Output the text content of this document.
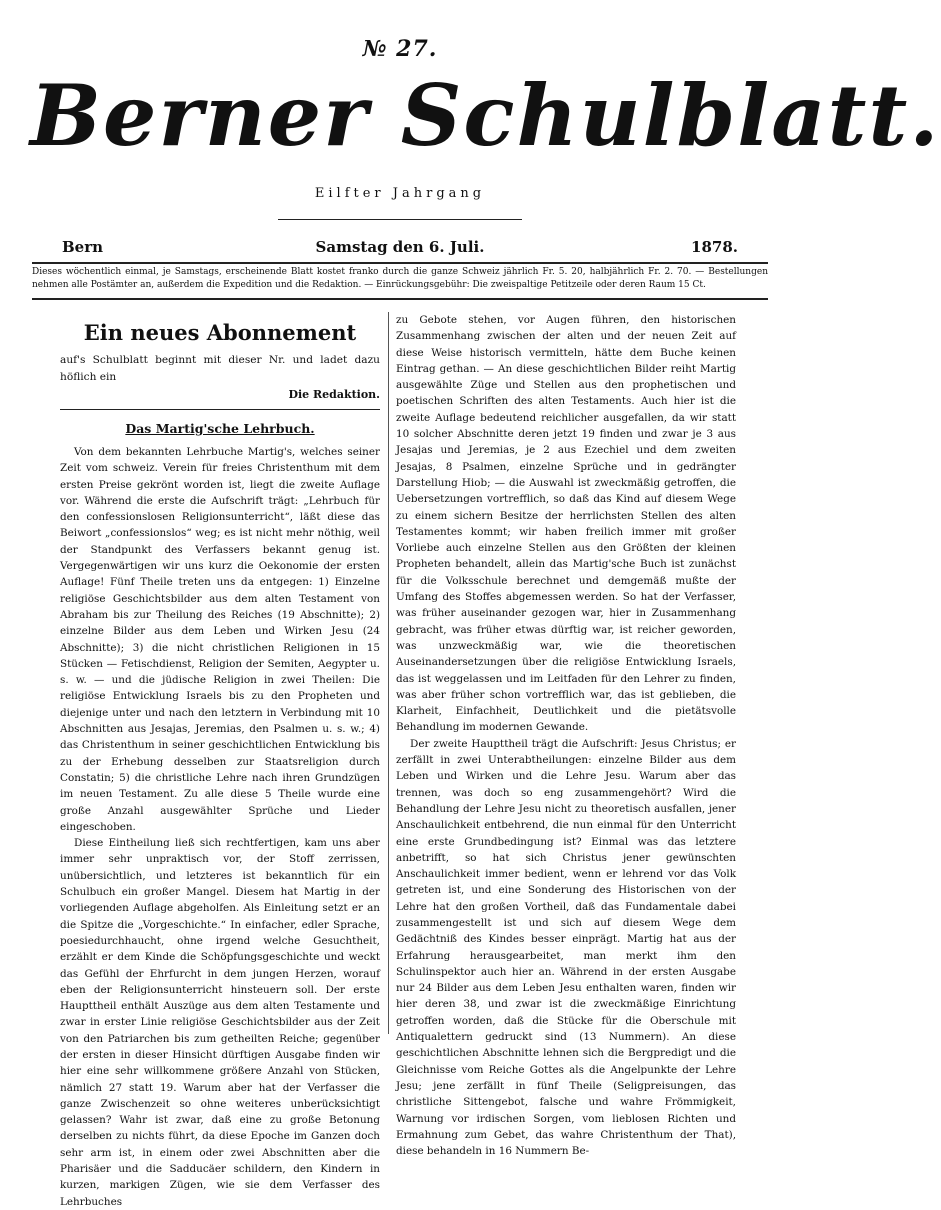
№ 27.
Berner Schulblatt.
Eilfter Jahrgang
Bern	Samstag den 6. Juli.	1878.
Dieses wöchentlich einmal, je Samstags, erscheinende Blatt kostet franko durch die ganze Schweiz jährlich Fr. 5. 20, halbjährlich Fr. 2. 70. — Bestellungen nehmen alle Postämter an, außerdem die Expedition und die Redaktion. — Einrückungsgebühr: Die zweispaltige Petitzeile oder deren Raum 15 Ct.
Ein neues Abonnement

auf's Schulblatt beginnt mit dieser Nr. und ladet dazu höflich ein

Die Redaktion.
Das Martig'sche Lehrbuch.

Von dem bekannten Lehrbuche Martig's, welches seiner Zeit vom schweiz. Verein für freies Christenthum mit dem ersten Preise gekrönt worden ist, liegt die zweite Auflage vor. Während die erste die Aufschrift trägt: „Lehrbuch für den confessionslosen Religionsunterricht“, läßt diese das Beiwort „confessionslos“ weg; es ist nicht mehr nöthig, weil der Standpunkt des Verfassers bekannt genug ist. Vergegenwärtigen wir uns kurz die Oekonomie der ersten Auflage! Fünf Theile treten uns da entgegen: 1) Einzelne religiöse Geschichtsbilder aus dem alten Testament von Abraham bis zur Theilung des Reiches (19 Abschnitte); 2) einzelne Bilder aus dem Leben und Wirken Jesu (24 Abschnitte); 3) die nicht christlichen Religionen in 15 Stücken — Fetischdienst, Religion der Semiten, Aegypter u. s. w. — und die jüdische Religion in zwei Theilen: Die religiöse Entwicklung Israels bis zu den Propheten und diejenige unter und nach den letztern in Verbindung mit 10 Abschnitten aus Jesajas, Jeremias, den Psalmen u. s. w.; 4) das Christenthum in seiner geschichtlichen Entwicklung bis zu der Erhebung desselben zur Staatsreligion durch Constatin; 5) die christliche Lehre nach ihren Grundzügen im neuen Testament. Zu alle diese 5 Theile wurde eine große Anzahl ausgewählter Sprüche und Lieder eingeschoben.

Diese Eintheilung ließ sich rechtfertigen, kam uns aber immer sehr unpraktisch vor, der Stoff zerrissen, unübersichtlich, und letzteres ist bekanntlich für ein Schulbuch ein großer Mangel. Diesem hat Martig in der vorliegenden Auflage abgeholfen. Als Einleitung setzt er an die Spitze die „Vorgeschichte.“ In einfacher, edler Sprache, poesiedurchhaucht, ohne irgend welche Gesuchtheit, erzählt er dem Kinde die Schöpfungsgeschichte und weckt das Gefühl der Ehrfurcht in dem jungen Herzen, worauf eben der Religionsunterricht hinsteuern soll. Der erste Haupttheil enthält Auszüge aus dem alten Testamente und zwar in erster Linie religiöse Geschichtsbilder aus der Zeit von den Patriarchen bis zum getheilten Reiche; gegenüber der ersten in dieser Hinsicht dürftigen Ausgabe finden wir hier eine sehr willkommene größere Anzahl von Stücken, nämlich 27 statt 19. Warum aber hat der Verfasser die ganze Zwischenzeit so ohne weiteres unberücksichtigt gelassen? Wahr ist zwar, daß eine zu große Betonung derselben zu nichts führt, da diese Epoche im Ganzen doch sehr arm ist, in einem oder zwei Abschnitten aber die Pharisäer und die Sadducäer schildern, den Kindern in kurzen, markigen Zügen, wie sie dem Verfasser des Lehrbuches

zu Gebote stehen, vor Augen führen, den historischen Zusammenhang zwischen der alten und der neuen Zeit auf diese Weise historisch vermitteln, hätte dem Buche keinen Eintrag gethan. — An diese geschichtlichen Bilder reiht Martig ausgewählte Züge und Stellen aus den prophetischen und poetischen Schriften des alten Testaments. Auch hier ist die zweite Auflage bedeutend reichlicher ausgefallen, da wir statt 10 solcher Abschnitte deren jetzt 19 finden und zwar je 3 aus Jesajas und Jeremias, je 2 aus Ezechiel und dem zweiten Jesajas, 8 Psalmen, einzelne Sprüche und in gedrängter Darstellung Hiob; — die Auswahl ist zweckmäßig getroffen, die Uebersetzungen vortrefflich, so daß das Kind auf diesem Wege zu einem sichern Besitze der herrlichsten Stellen des alten Testamentes kommt; wir haben freilich immer mit großer Vorliebe auch einzelne Stellen aus den Größten der kleinen Propheten behandelt, allein das Martig'sche Buch ist zunächst für die Volksschule berechnet und demgemäß mußte der Umfang des Stoffes abgemessen werden. So hat der Verfasser, was früher auseinander gezogen war, hier in Zusammenhang gebracht, was früher etwas dürftig war, ist reicher geworden, was unzweckmäßig war, wie die theoretischen Auseinandersetzungen über die religiöse Entwicklung Israels, das ist weggelassen und im Leitfaden für den Lehrer zu finden, was aber früher schon vortrefflich war, das ist geblieben, die Klarheit, Einfachheit, Deutlichkeit und die pietätsvolle Behandlung im modernen Gewande.

Der zweite Haupttheil trägt die Aufschrift: Jesus Christus; er zerfällt in zwei Unterabtheilungen: einzelne Bilder aus dem Leben und Wirken und die Lehre Jesu. Warum aber das trennen, was doch so eng zusammengehört? Wird die Behandlung der Lehre Jesu nicht zu theoretisch ausfallen, jener Anschaulichkeit entbehrend, die nun einmal für den Unterricht eine erste Grundbedingung ist? Einmal was das letztere anbetrifft, so hat sich Christus jener gewünschten Anschaulichkeit immer bedient, wenn er lehrend vor das Volk getreten ist, und eine Sonderung des Historischen von der Lehre hat den großen Vortheil, daß das Fundamentale dabei zusammengestellt ist und sich auf diesem Wege dem Gedächtniß des Kindes besser einprägt. Martig hat aus der Erfahrung herausgearbeitet, man merkt ihm den Schulinspektor auch hier an. Während in der ersten Ausgabe nur 24 Bilder aus dem Leben Jesu enthalten waren, finden wir hier deren 38, und zwar ist die zweckmäßige Einrichtung getroffen worden, daß die Stücke für die Oberschule mit Antiqualettern gedruckt sind (13 Nummern). An diese geschichtlichen Abschnitte lehnen sich die Bergpredigt und die Gleichnisse vom Reiche Gottes als die Angelpunkte der Lehre Jesu; jene zerfällt in fünf Theile (Seligpreisungen, das christliche Sittengebot, falsche und wahre Frömmigkeit, Warnung vor irdischen Sorgen, vom lieblosen Richten und Ermahnung zum Gebet, das wahre Christenthum der That), diese behandeln in 16 Nummern Be-
